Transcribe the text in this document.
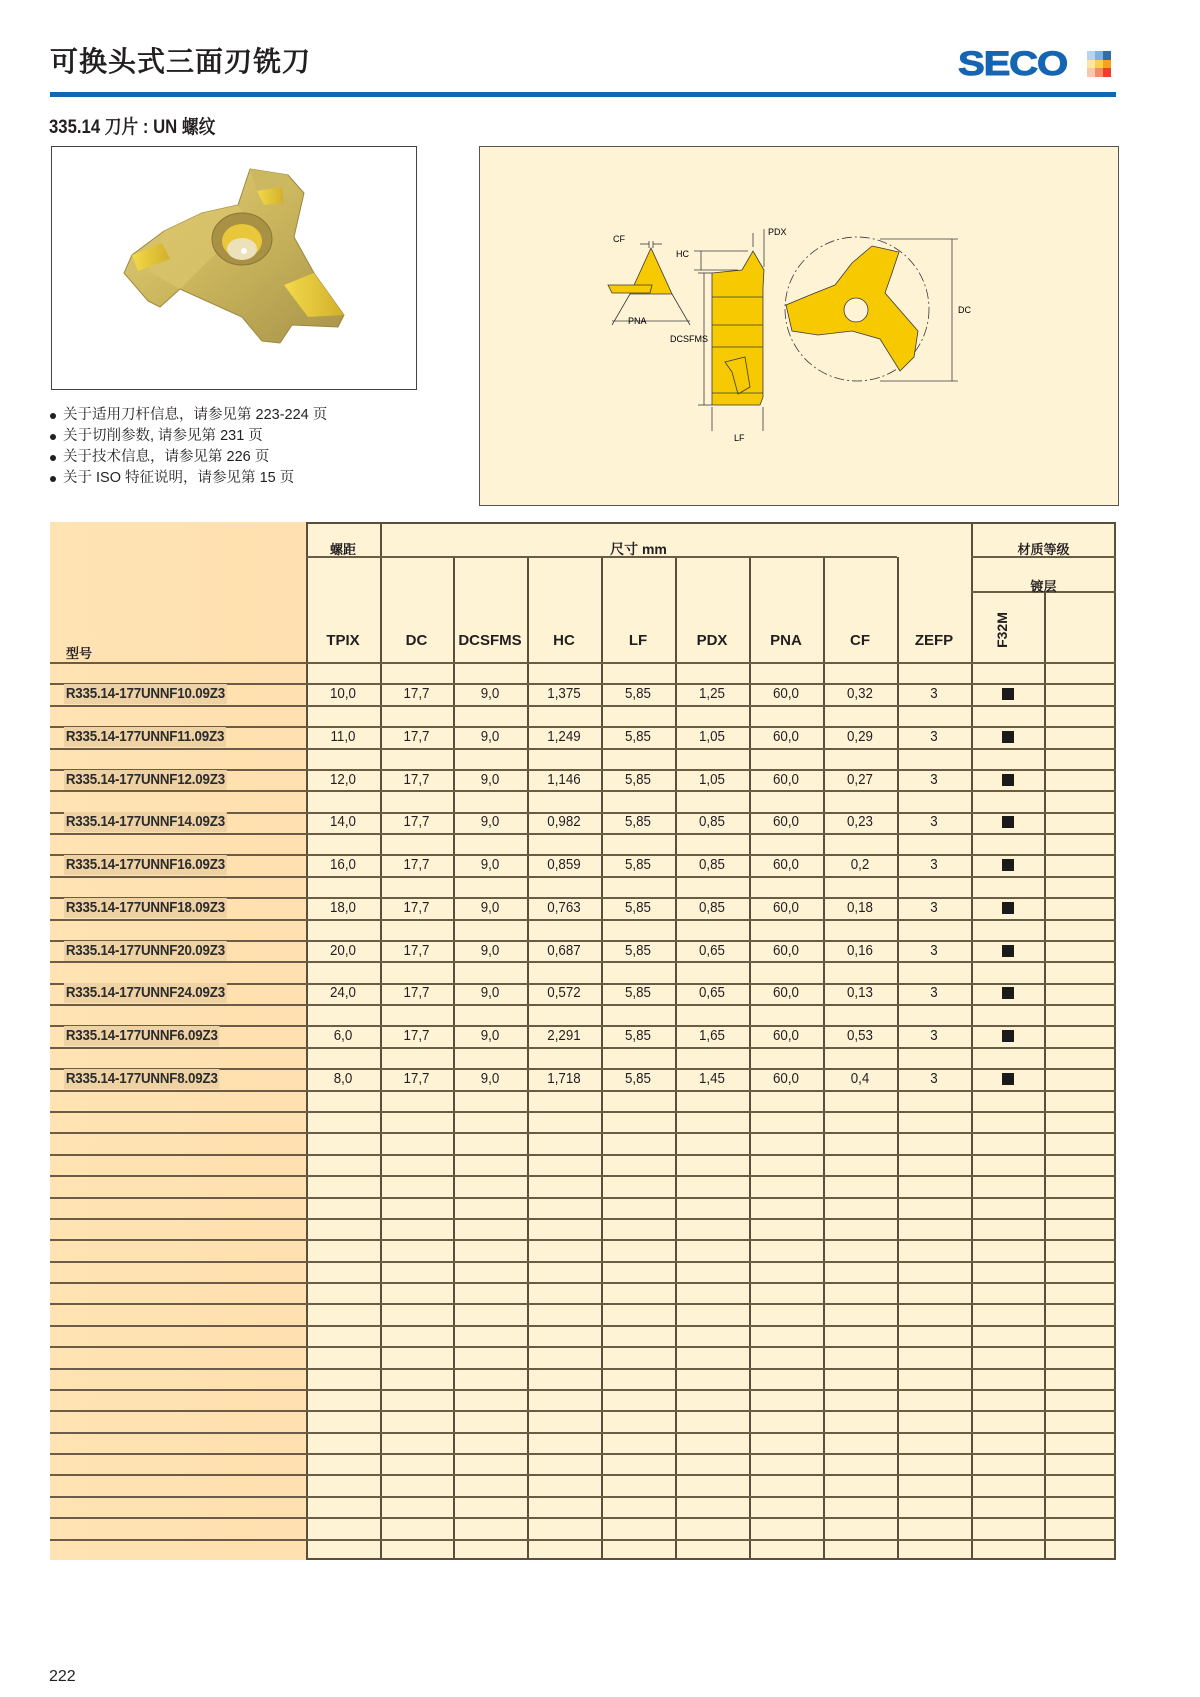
可换头式三面刃铣刀	SECO
335.14 刀片 : UN 螺纹
关于适用刀杆信息，请参见第 223-224 页
关于切削参数, 请参见第 231 页
关于技术信息，请参见第 226 页
关于 ISO 特征说明，请参见第 15 页
CF
PNA
HC
PDX
DCSFMS
LF
DC
型号
螺距	尺寸 mm	材质等级
镀层
TPIX	DC	DCSFMS	HC	LF	PDX	PNA	CF	ZEFP	F32M
R335.14-177UNNF10.09Z3	10,0	17,7	9,0	1,375	5,85	1,25	60,0	0,32	3
R335.14-177UNNF11.09Z3	11,0	17,7	9,0	1,249	5,85	1,05	60,0	0,29	3
R335.14-177UNNF12.09Z3	12,0	17,7	9,0	1,146	5,85	1,05	60,0	0,27	3
R335.14-177UNNF14.09Z3	14,0	17,7	9,0	0,982	5,85	0,85	60,0	0,23	3
R335.14-177UNNF16.09Z3	16,0	17,7	9,0	0,859	5,85	0,85	60,0	0,2	3
R335.14-177UNNF18.09Z3	18,0	17,7	9,0	0,763	5,85	0,85	60,0	0,18	3
R335.14-177UNNF20.09Z3	20,0	17,7	9,0	0,687	5,85	0,65	60,0	0,16	3
R335.14-177UNNF24.09Z3	24,0	17,7	9,0	0,572	5,85	0,65	60,0	0,13	3
R335.14-177UNNF6.09Z3	6,0	17,7	9,0	2,291	5,85	1,65	60,0	0,53	3
R335.14-177UNNF8.09Z3	8,0	17,7	9,0	1,718	5,85	1,45	60,0	0,4	3
222
